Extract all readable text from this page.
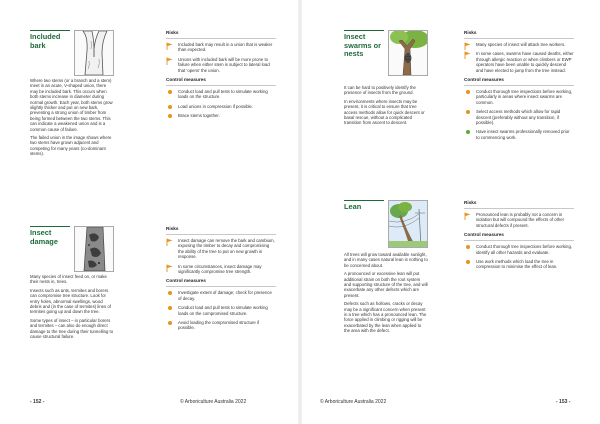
Included
bark

Where two stems (or a branch and a stem) meet in an acute, V-shaped union, there may be included bark. This occurs when both stems increase in diameter during normal growth. Each year, both stems grow slightly thicker and put on new bark, preventing a strong union of timber from being formed between the two stems. This can indicate a weakened union and is a common cause of failure.

The failed union in the image shows where two stems have grown adjacent and competing for many years (co-dominant stems).

Risks
Included bark may result in a union that is weaker than expected.
Unions with included bark will be more prone to failure when either stem is subject to lateral load that ‘opens’ the union.
Control measures
Conduct load and pull tests to simulate working loads on the structure.
Load unions in compression if possible.
Brace stems together.
Insect
damage

Many species of insect feed on, or make their nests in, trees.

Insects such as ants, termites and borers can compromise tree structure. Look for entry holes, abnormal swellings, wood debris and (in the case of termites) lines of termites going up and down the tree.

Some types of insect – in particular borers and termites – can also do enough direct damage to the tree during their tunnelling to cause structural failure.

Risks
Insect damage can remove the bark and cambium, exposing the timber to decay and compromising the ability of the tree to put on new growth in response.
In some circumstances, insect damage may significantly compromise tree strength.
Control measures
Investigate extent of damage; check for presence of decay.
Conduct load and pull tests to simulate working loads on the compromised structure.
Avoid loading the compromised structure if possible.
- 152 -	© Arboriculture Australia 2022
Insect
swarms or
nests

It can be hard to positively identify the presence of insects from the ground.

In environments where insects may be present, it is critical to ensure that tree access methods allow for quick descent or basal rescue, without a complicated transition from ascent to descent.

Risks
Many species of insect will attack tree workers.
In some cases, swarms have caused deaths, either through allergic reaction or when climbers or EWP operators have been unable to quickly descend and have elected to jump from the tree instead.
Control measures
Conduct thorough tree inspections before working, particularly in areas where insect swarms are common.
Select access methods which allow for rapid descent (preferably without any transition, if possible).
Have insect swarms professionally removed prior to commencing work.
Lean

All trees will grow toward available sunlight, and in many cases natural lean is nothing to be concerned about.

A pronounced or excessive lean will put additional strain on both the root system and supporting structure of the tree, and will exacerbate any other defects which are present.

Defects such as hollows, cracks or decay may be a significant concern when present in a tree which has a pronounced lean. The force applied in climbing or rigging will be exacerbated by the lean when applied to the area with the defect.

Risks
Pronounced lean is probably not a concern in isolation but will compound the effects of other structural defects if present.
Control measures
Conduct thorough tree inspections before working, identify all other hazards and evaluate.
Use work methods which load the tree in compression to minimise the effect of lean.
© Arboriculture Australia 2022	- 153 -
